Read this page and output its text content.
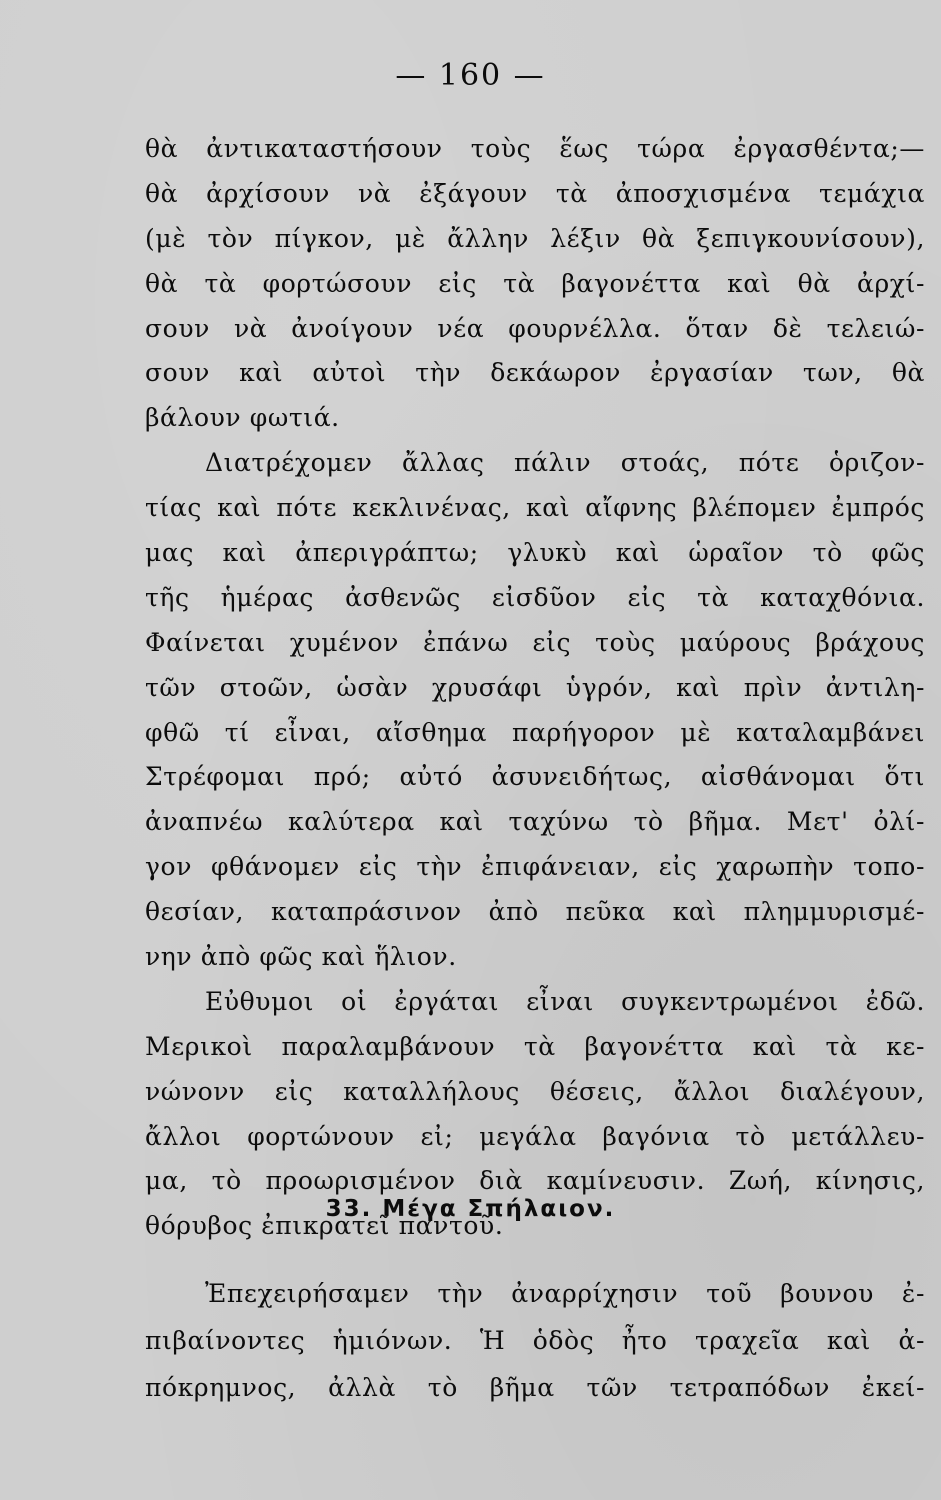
— 160 —
θὰ ἀντικαταστήσουν τοὺς ἕως τώρα ἐργασθέντα;—
θὰ ἀρχίσουν νὰ ἐξάγουν τὰ ἀποσχισμένα τεμάχια
(μὲ τὸν πίγκον, μὲ ἄλλην λέξιν θὰ ξεπιγκουνίσουν),
θὰ τὰ φορτώσουν εἰς τὰ βαγονέττα καὶ θὰ ἀρχί-
σουν νὰ ἀνοίγουν νέα φουρνέλλα. ὅταν δὲ τελειώ-
σουν καὶ αὐτοὶ τὴν δεκάωρον ἐργασίαν των, θὰ
βάλουν φωτιά.
Διατρέχομεν ἄλλας πάλιν στοάς, πότε ὁριζον-
τίας καὶ πότε κεκλινένας, καὶ αἴφνης βλέπομεν ἐμπρός
μας καὶ ἀπεριγράπτω; γλυκὺ καὶ ὡραῖον τὸ φῶς
τῆς ἡμέρας ἀσθενῶς εἰσδῦον εἰς τὰ καταχθόνια.
Φαίνεται χυμένον ἐπάνω εἰς τοὺς μαύρους βράχους
τῶν στοῶν, ὡσὰν χρυσάφι ὑγρόν, καὶ πρὶν ἀντιλη-
φθῶ τί εἶναι, αἴσθημα παρήγορον μὲ καταλαμβάνει
Στρέφομαι πρό; αὐτό ἀσυνειδήτως, αἰσθάνομαι ὅτι
ἀναπνέω καλύτερα καὶ ταχύνω τὸ βῆμα. Μετ' ὀλί-
γον φθάνομεν εἰς τὴν ἐπιφάνειαν, εἰς χαρωπὴν τοπο-
θεσίαν, καταπράσινον ἀπὸ πεῦκα καὶ πλημμυρισμέ-
νην ἀπὸ φῶς καὶ ἥλιον.
Εὐθυμοι οἱ ἐργάται εἶναι συγκεντρωμένοι ἐδῶ.
Μερικοὶ παραλαμβάνουν τὰ βαγονέττα καὶ τὰ κε-
νώνονν εἰς καταλλήλους θέσεις, ἄλλοι διαλέγουν,
ἄλλοι φορτώνουν εἰ; μεγάλα βαγόνια τὸ μετάλλευ-
μα, τὸ προωρισμένον διὰ καμίνευσιν. Ζωή, κίνησις,
θόρυβος ἐπικρατεῖ παντοῦ.
33. Μέγα Σπήλαιον.
Ἐπεχειρήσαμεν τὴν ἀναρρίχησιν τοῦ βουνου ἐ-
πιβαίνοντες ἡμιόνων. Ἡ ὁδὸς ἦτο τραχεῖα καὶ ἀ-
πόκρημνος, ἀλλὰ τὸ βῆμα τῶν τετραπόδων ἐκεί-
